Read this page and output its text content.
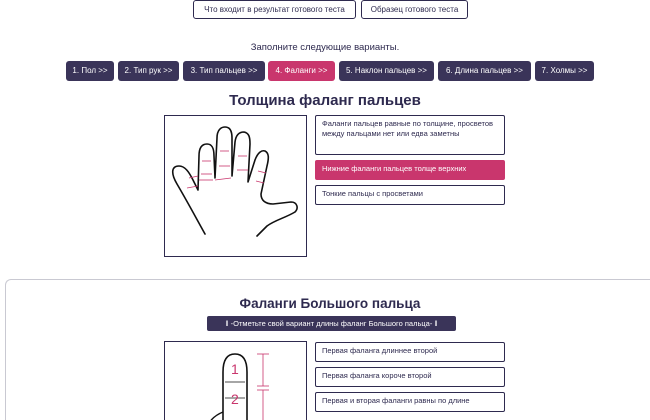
Что входит в результат готового теста	Образец готового теста
Заполните следующие варианты.
1. Пол >>	2. Тип рук >>	3. Тип пальцев >>	4. Фаланги >>	5. Наклон пальцев >>	6. Длина пальцев >>	7. Холмы >>
Толщина фаланг пальцев
Фаланги пальцев равные по толщине, просветов между пальцами нет или едва заметны
Нижние фаланги пальцев толще верхних
Тонкие пальцы с просветами
Фаланги Большого пальца
‖ -Отметьте свой вариант длины фаланг Большого пальца- ‖
1
2
Первая фаланга длиннее второй
Первая фаланга короче второй
Первая и вторая фаланги равны по длине
